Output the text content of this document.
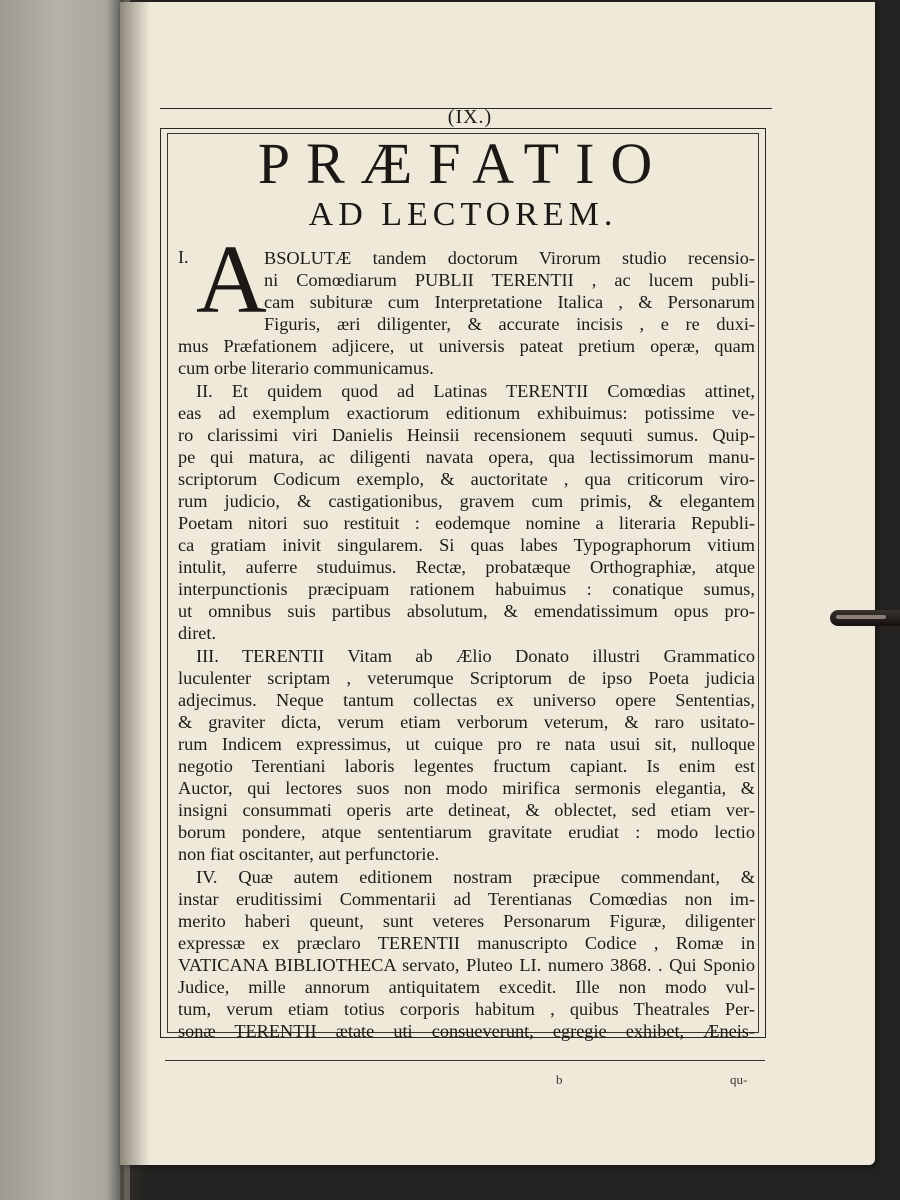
(IX.)
PRÆFATIO
AD LECTOREM.
I. A

BSOLUTÆ tandem doctorum Virorum studio recensio-

ni Comœdiarum PUBLII TERENTII , ac lucem publi-

cam subituræ cum Interpretatione Italica , & Personarum

Figuris, æri diligenter, & accurate incisis , e re duxi-

mus Præfationem adjicere, ut universis pateat pretium operæ, quam

cum orbe literario communicamus.

II. Et quidem quod ad Latinas TERENTII Comœdias attinet,

eas ad exemplum exactiorum editionum exhibuimus: potissime ve-

ro clarissimi viri Danielis Heinsii recensionem sequuti sumus. Quip-

pe qui matura, ac diligenti navata opera, qua lectissimorum manu-

scriptorum Codicum exemplo, & auctoritate , qua criticorum viro-

rum judicio, & castigationibus, gravem cum primis, & elegantem

Poetam nitori suo restituit : eodemque nomine a literaria Republi-

ca gratiam inivit singularem. Si quas labes Typographorum vitium

intulit, auferre studuimus. Rectæ, probatæque Orthographiæ, atque

interpunctionis præcipuam rationem habuimus : conatique sumus,

ut omnibus suis partibus absolutum, & emendatissimum opus pro-

diret.

III. TERENTII Vitam ab Ælio Donato illustri Grammatico

luculenter scriptam , veterumque Scriptorum de ipso Poeta judicia

adjecimus. Neque tantum collectas ex universo opere Sententias,

& graviter dicta, verum etiam verborum veterum, & raro usitato-

rum Indicem expressimus, ut cuique pro re nata usui sit, nulloque

negotio Terentiani laboris legentes fructum capiant. Is enim est

Auctor, qui lectores suos non modo mirifica sermonis elegantia, &

insigni consummati operis arte detineat, & oblectet, sed etiam ver-

borum pondere, atque sententiarum gravitate erudiat : modo lectio

non fiat oscitanter, aut perfunctorie.

IV. Quæ autem editionem nostram præcipue commendant, &

instar eruditissimi Commentarii ad Terentianas Comœdias non im-

merito haberi queunt, sunt veteres Personarum Figuræ, diligenter

expressæ ex præclaro TERENTII manuscripto Codice , Romæ in

VATICANA BIBLIOTHECA servato, Pluteo LI. numero 3868. . Qui Sponio

Judice, mille annorum antiquitatem excedit. Ille non modo vul-

tum, verum etiam totius corporis habitum , quibus Theatrales Per-

sonæ TERENTII ætate uti consueverunt, egregie exhibet, Æneis-

b	qu-
